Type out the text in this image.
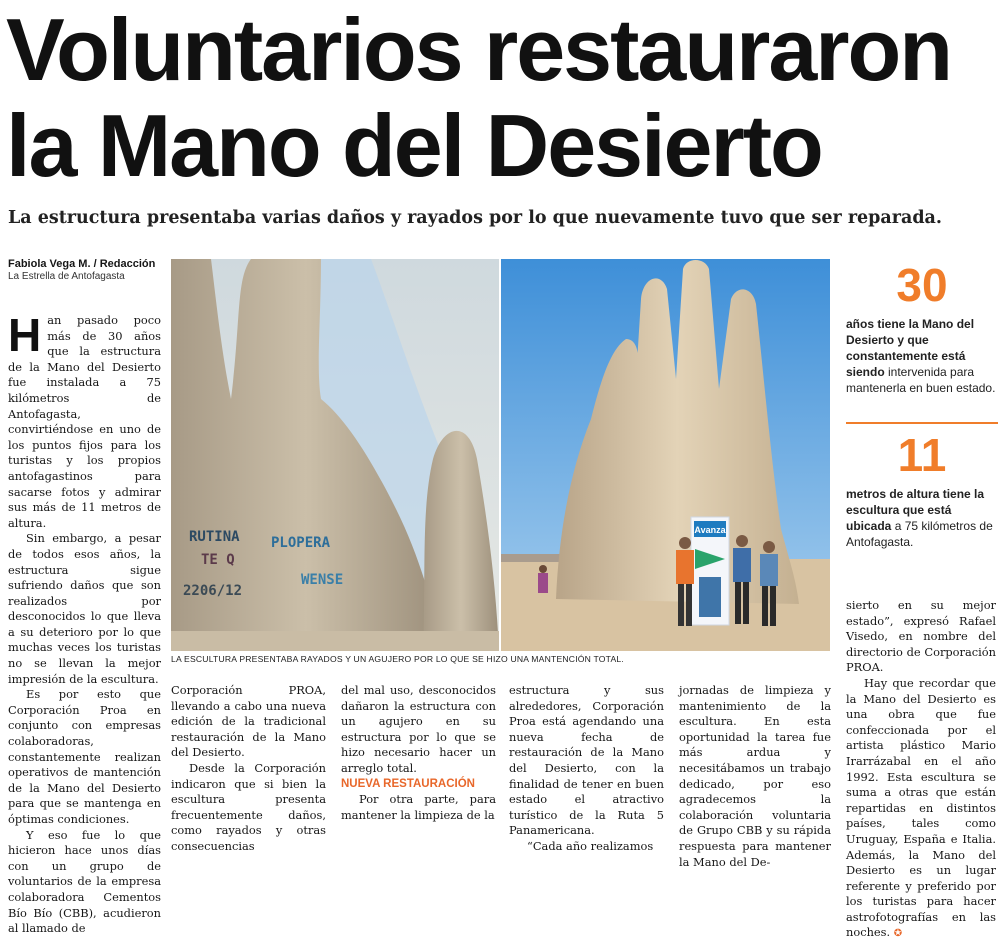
Voluntarios restauraron la Mano del Desierto

La estructura presentaba varias daños y rayados por lo que nuevamente tuvo que ser reparada.

Fabiola Vega M. / Redacción
La Estrella de Antofagasta

Han pasado poco más de 30 años que la estructura de la Mano del Desierto fue instalada a 75 kilómetros de Antofagasta, convirtiéndose en uno de los puntos fijos para los turistas y los propios antofagastinos para sacarse fotos y admirar sus más de 11 metros de altura.

Sin embargo, a pesar de todos esos años, la estructura sigue sufriendo daños que son realizados por desconocidos lo que lleva a su deterioro por lo que muchas veces los turistas no se llevan la mejor impresión de la escultura.

Es por esto que Corporación Proa en conjunto con empresas colaboradoras, constantemente realizan operativos de mantención de la Mano del Desierto para que se mantenga en óptimas condiciones.

Y eso fue lo que hicieron hace unos días con un grupo de voluntarios de la empresa colaboradora Cementos Bío Bío (CBB), acudieron al llamado de

RUTINA
TE Q
2206/12
PLOPERA
WENSE
Avanza
LA ESCULTURA PRESENTABA RAYADOS Y UN AGUJERO POR LO QUE SE HIZO UNA MANTENCIÓN TOTAL.

Corporación PROA, llevando a cabo una nueva edición de la tradicional restauración de la Mano del Desierto.

Desde la Corporación indicaron que si bien la escultura presenta frecuentemente daños, como rayados y otras consecuencias

del mal uso, desconocidos dañaron la estructura con un agujero en su estructura por lo que se hizo necesario hacer un arreglo total.

NUEVA RESTAURACIÓN

Por otra parte, para mantener la limpieza de la

estructura y sus alrededores, Corporación Proa está agendando una nueva fecha de restauración de la Mano del Desierto, con la finalidad de tener en buen estado el atractivo turístico de la Ruta 5 Panamericana.

“Cada año realizamos

jornadas de limpieza y mantenimiento de la escultura. En esta oportunidad la tarea fue más ardua y necesitábamos un trabajo dedicado, por eso agradecemos la colaboración voluntaria de Grupo CBB y su rápida respuesta para mantener la Mano del De-

sierto en su mejor estado”, expresó Rafael Visedo, en nombre del directorio de Corporación PROA.

Hay que recordar que la Mano del Desierto es una obra que fue confeccionada por el artista plástico Mario Irarrázabal en el año 1992. Esta escultura se suma a otras que están repartidas en distintos países, tales como Uruguay, España e Italia. Además, la Mano del Desierto es un lugar referente y preferido por los turistas para hacer astrofotografías en las noches. ✪

30
años tiene la Mano del Desierto y que constantemente está siendo intervenida para mantenerla en buen estado.
11
metros de altura tiene la escultura que está ubicada a 75 kilómetros de Antofagasta.
